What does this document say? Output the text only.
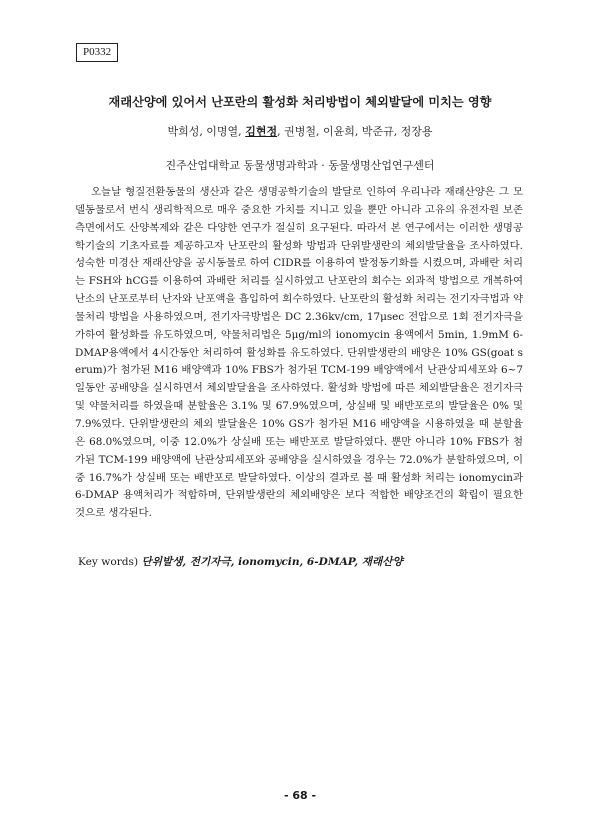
P0332
재래산양에 있어서 난포란의 활성화 처리방법이 체외발달에 미치는 영향
박희성, 이명열, 김현정, 권병철, 이윤희, 박준규, 정장용
진주산업대학교 동물생명과학과 · 동물생명산업연구센터

오늘날 형질전환동물의 생산과 같은 생명공학기술의 발달로 인하여 우리나라 재래산양은 그 모델동물로서 번식 생리학적으로 매우 중요한 가치를 지니고 있을 뿐만 아니라 고유의 유전자원 보존 측면에서도 산양복제와 같은 다양한 연구가 절실히 요구된다. 따라서 본 연구에서는 이러한 생명공학기술의 기초자료를 제공하고자 난포란의 활성화 방법과 단위발생란의 체외발달율을 조사하였다. 성숙한 미경산 재래산양을 공시동물로 하여 CIDR를 이용하여 발정동기화를 시켰으며, 과배란 처리는 FSH와 hCG를 이용하여 과배란 처리를 실시하였고 난포란의 회수는 외과적 방법으로 개복하여 난소의 난포로부터 난자와 난포액을 흡입하여 회수하였다. 난포란의 활성화 처리는 전기자극법과 약물처리 방법을 사용하였으며, 전기자극방법은 DC 2.36kv/cm, 17μsec 전압으로 1회 전기자극을 가하여 활성화를 유도하였으며, 약물처리법은 5μg/ml의 ionomycin 용액에서 5min, 1.9mM 6-DMAP용액에서 4시간동안 처리하여 활성화를 유도하였다. 단위발생란의 배양은 10% GS(goat serum)가 첨가된 M16 배양액과 10% FBS가 첨가된 TCM-199 배양액에서 난관상피세포와 6~7일동안 공배양을 실시하면서 체외발달율을 조사하였다. 활성화 방법에 따른 체외발달율은 전기자극 및 약물처리를 하였을때 분할율은 3.1% 및 67.9%였으며, 상실배 및 배반포로의 발달율은 0% 및 7.9%였다. 단위발생란의 체외 발달율은 10% GS가 첨가된 M16 배양액을 시용하였을 때 분할율은 68.0%였으며, 이중 12.0%가 상실배 또는 배반포로 발달하였다. 뿐만 아니라 10% FBS가 첨가된 TCM-199 배양액에 난관상피세포와 공배양을 실시하였을 경우는 72.0%가 분할하였으며, 이중 16.7%가 상실배 또는 배반포로 발달하였다. 이상의 결과로 볼 때 활성화 처리는 ionomycin과 6-DMAP 용액처리가 적합하며, 단위발생란의 체외배양은 보다 적합한 배양조건의 확립이 필요한 것으로 생각된다.

Key words) 단위발생, 전기자극, ionomycin, 6-DMAP, 재래산양
- 68 -
